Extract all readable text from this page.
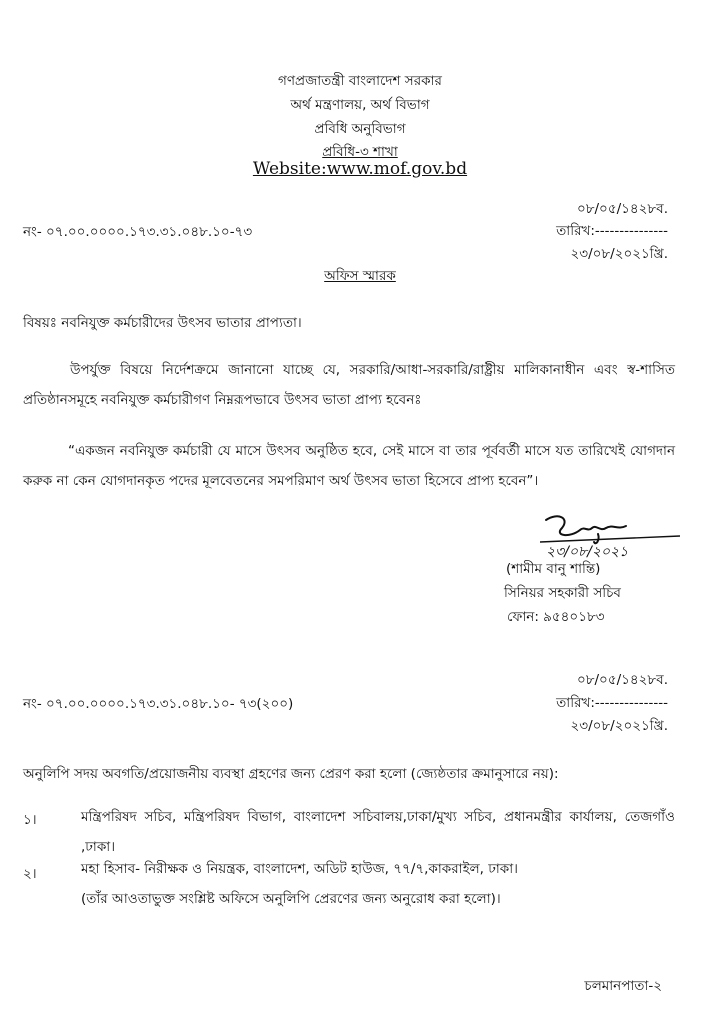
গণপ্রজাতন্ত্রী বাংলাদেশ সরকার
অর্থ মন্ত্রণালয়, অর্থ বিভাগ
প্রবিধি অনুবিভাগ
প্রবিধি-৩ শাখা
Website:www.mof.gov.bd
নং- ০৭.০০.০০০০.১৭৩.৩১.০৪৮.১০-৭৩
০৮/০৫/১৪২৮ব.
তারিখ:---------------
২৩/০৮/২০২১খ্রি.
অফিস স্মারক
বিষয়ঃ নবনিযুক্ত কর্মচারীদের উৎসব ভাতার প্রাপ্যতা।
উপর্যুক্ত বিষয়ে নির্দেশক্রমে জানানো যাচ্ছে যে, সরকারি/আধা-সরকারি/রাষ্ট্রীয় মালিকানাধীন এবং স্ব-শাসিত প্রতিষ্ঠানসমূহে নবনিযুক্ত কর্মচারীগণ নিম্নরূপভাবে উৎসব ভাতা প্রাপ্য হবেনঃ
“একজন নবনিযুক্ত কর্মচারী যে মাসে উৎসব অনুষ্ঠিত হবে, সেই মাসে বা তার পূর্ববর্তী মাসে যত তারিখেই যোগদান করুক না কেন যোগদানকৃত পদের মূলবেতনের সমপরিমাণ অর্থ উৎসব ভাতা হিসেবে প্রাপ্য হবেন”।
২৩/০৮/২০২১
(শামীম বানু শান্তি)
সিনিয়র সহকারী সচিব
ফোন: ৯৫৪০১৮৩
নং- ০৭.০০.০০০০.১৭৩.৩১.০৪৮.১০- ৭৩(২০০)
০৮/০৫/১৪২৮ব.
তারিখ:---------------
২৩/০৮/২০২১খ্রি.
অনুলিপি সদয় অবগতি/প্রয়োজনীয় ব্যবস্থা গ্রহণের জন্য প্রেরণ করা হলো (জ্যেষ্ঠতার ক্রমানুসারে নয়):
১।	মন্ত্রিপরিষদ সচিব, মন্ত্রিপরিষদ বিভাগ, বাংলাদেশ সচিবালয়,ঢাকা/মুখ্য সচিব, প্রধানমন্ত্রীর কার্যালয়, তেজগাঁও ,ঢাকা।
২।	মহা হিসাব- নিরীক্ষক ও নিয়ন্ত্রক, বাংলাদেশ, অডিট হাউজ, ৭৭/৭,কাকরাইল, ঢাকা।
(তাঁর আওতাভুক্ত সংশ্লিষ্ট অফিসে অনুলিপি প্রেরণের জন্য অনুরোধ করা হলো)।
চলমানপাতা-২
